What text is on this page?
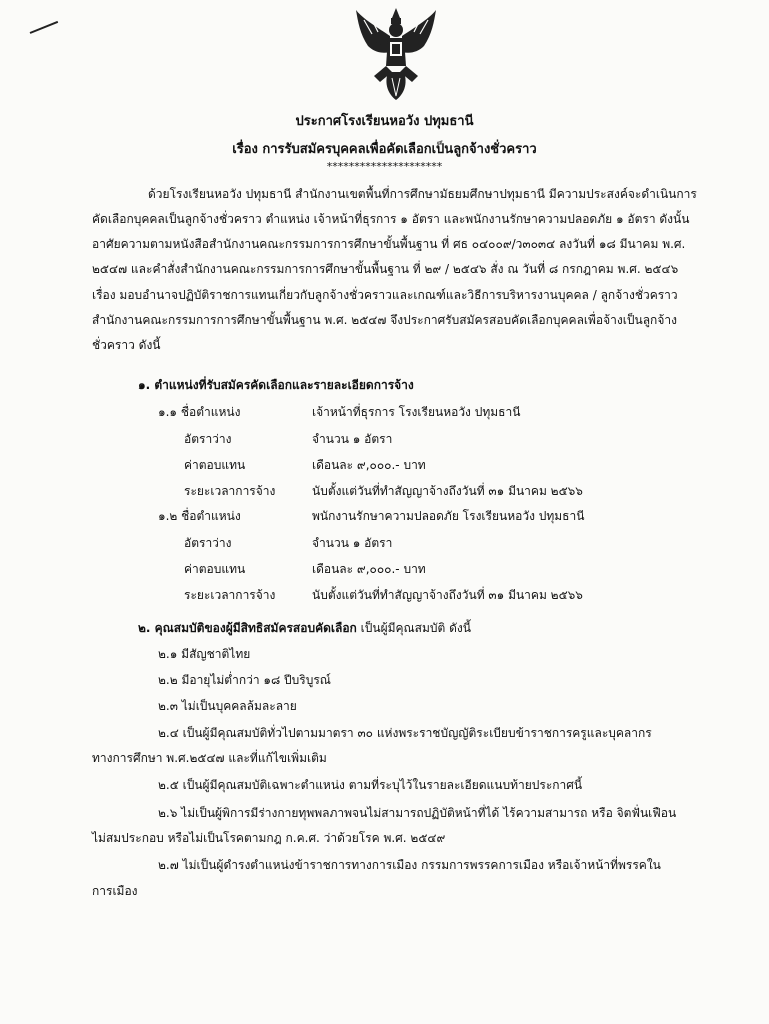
ประกาศโรงเรียนหอวัง ปทุมธานี
เรื่อง การรับสมัครบุคคลเพื่อคัดเลือกเป็นลูกจ้างชั่วคราว
*********************
ด้วยโรงเรียนหอวัง ปทุมธานี สำนักงานเขตพื้นที่การศึกษามัธยมศึกษาปทุมธานี มีความประสงค์จะดำเนินการ
คัดเลือกบุคคลเป็นลูกจ้างชั่วคราว ตำแหน่ง เจ้าหน้าที่ธุรการ ๑ อัตรา และพนักงานรักษาความปลอดภัย ๑ อัตรา ดังนั้น
อาศัยความตามหนังสือสำนักงานคณะกรรมการการศึกษาขั้นพื้นฐาน ที่ ศธ ๐๔๐๐๙/ว๓๐๓๔ ลงวันที่ ๑๘ มีนาคม พ.ศ.
๒๕๔๗ และคำสั่งสำนักงานคณะกรรมการการศึกษาขั้นพื้นฐาน ที่ ๒๙ / ๒๕๔๖ สั่ง ณ วันที่ ๘ กรกฎาคม พ.ศ. ๒๕๔๖
เรื่อง มอบอำนาจปฏิบัติราชการแทนเกี่ยวกับลูกจ้างชั่วคราวและเกณฑ์และวิธีการบริหารงานบุคคล / ลูกจ้างชั่วคราว
สำนักงานคณะกรรมการการศึกษาขั้นพื้นฐาน พ.ศ. ๒๕๔๗ จึงประกาศรับสมัครสอบคัดเลือกบุคคลเพื่อจ้างเป็นลูกจ้าง
ชั่วคราว ดังนี้
๑. ตำแหน่งที่รับสมัครคัดเลือกและรายละเอียดการจ้าง
๑.๑ ชื่อตำแหน่ง	เจ้าหน้าที่ธุรการ โรงเรียนหอวัง ปทุมธานี
อัตราว่าง	จำนวน ๑ อัตรา
ค่าตอบแทน	เดือนละ ๙,๐๐๐.- บาท
ระยะเวลาการจ้าง	นับตั้งแต่วันที่ทำสัญญาจ้างถึงวันที่ ๓๑ มีนาคม ๒๕๖๖
๑.๒ ชื่อตำแหน่ง	พนักงานรักษาความปลอดภัย โรงเรียนหอวัง ปทุมธานี
อัตราว่าง	จำนวน ๑ อัตรา
ค่าตอบแทน	เดือนละ ๙,๐๐๐.- บาท
ระยะเวลาการจ้าง	นับตั้งแต่วันที่ทำสัญญาจ้างถึงวันที่ ๓๑ มีนาคม ๒๕๖๖
๒. คุณสมบัติของผู้มีสิทธิสมัครสอบคัดเลือก เป็นผู้มีคุณสมบัติ ดังนี้
๒.๑ มีสัญชาติไทย
๒.๒ มีอายุไม่ต่ำกว่า ๑๘ ปีบริบูรณ์
๒.๓ ไม่เป็นบุคคลล้มละลาย
๒.๔ เป็นผู้มีคุณสมบัติทั่วไปตามมาตรา ๓๐ แห่งพระราชบัญญัติระเบียบข้าราชการครูและบุคลากร
ทางการศึกษา พ.ศ.๒๕๔๗ และที่แก้ไขเพิ่มเติม
๒.๕ เป็นผู้มีคุณสมบัติเฉพาะตำแหน่ง ตามที่ระบุไว้ในรายละเอียดแนบท้ายประกาศนี้
๒.๖ ไม่เป็นผู้พิการมีร่างกายทุพพลภาพจนไม่สามารถปฏิบัติหน้าที่ได้ ไร้ความสามารถ หรือ จิตฟั่นเฟือน
ไม่สมประกอบ หรือไม่เป็นโรคตามกฎ ก.ค.ศ. ว่าด้วยโรค พ.ศ. ๒๕๔๙
๒.๗ ไม่เป็นผู้ดำรงตำแหน่งข้าราชการทางการเมือง กรรมการพรรคการเมือง หรือเจ้าหน้าที่พรรคใน
การเมือง
